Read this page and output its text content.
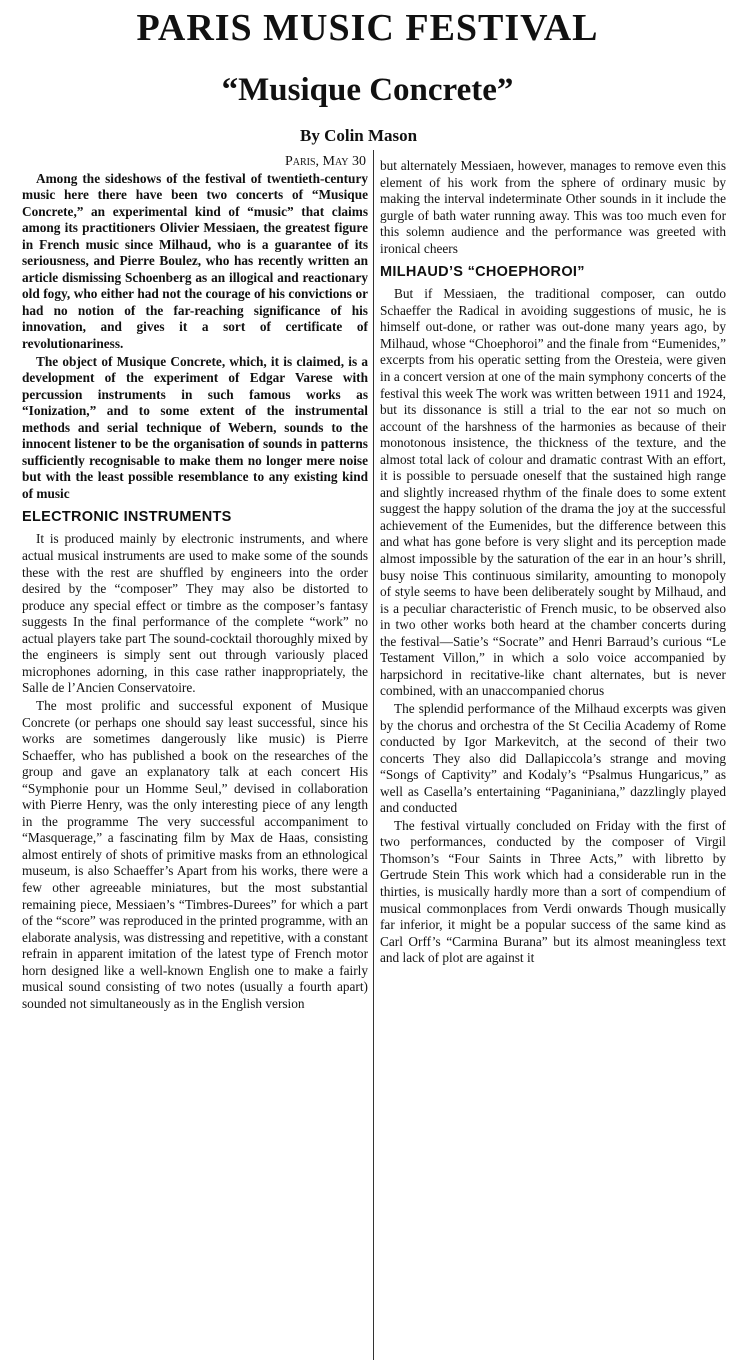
PARIS MUSIC FESTIVAL
“Musique Concrete”
By Colin Mason
Paris, May 30

Among the sideshows of the festival of twentieth-century music here there have been two concerts of “Musique Concrete,” an experimental kind of “music” that claims among its practitioners Olivier Messiaen, the greatest figure in French music since Milhaud, who is a guarantee of its seriousness, and Pierre Boulez, who has recently written an article dismissing Schoenberg as an illogical and reactionary old fogy, who either had not the courage of his convictions or had no notion of the far-reaching significance of his innovation, and gives it a sort of certificate of revolutionariness.

The object of Musique Concrete, which, it is claimed, is a development of the experiment of Edgar Varese with percussion instruments in such famous works as “Ionization,” and to some extent of the instrumental methods and serial technique of Webern, sounds to the innocent listener to be the organisation of sounds in patterns sufficiently recognisable to make them no longer mere noise but with the least possible resemblance to any existing kind of music

ELECTRONIC INSTRUMENTS

It is produced mainly by electronic instruments, and where actual musical instruments are used to make some of the sounds these with the rest are shuffled by engineers into the order desired by the “composer” They may also be distorted to produce any special effect or timbre as the composer’s fantasy suggests In the final performance of the complete “work” no actual players take part The sound-cocktail thoroughly mixed by the engineers is simply sent out through variously placed microphones adorning, in this case rather inappropriately, the Salle de l’Ancien Conservatoire.

The most prolific and successful exponent of Musique Concrete (or perhaps one should say least successful, since his works are sometimes dangerously like music) is Pierre Schaeffer, who has published a book on the researches of the group and gave an explanatory talk at each concert His “Symphonie pour un Homme Seul,” devised in collaboration with Pierre Henry, was the only interesting piece of any length in the programme The very successful accompaniment to “Masquerage,” a fascinating film by Max de Haas, consisting almost entirely of shots of primitive masks from an ethnological museum, is also Schaeffer’s Apart from his works, there were a few other agreeable miniatures, but the most substantial remaining piece, Messiaen’s “Timbres-Durees” for which a part of the “score” was reproduced in the printed programme, with an elaborate analysis, was distressing and repetitive, with a constant refrain in apparent imitation of the latest type of French motor horn designed like a well-known English one to make a fairly musical sound consisting of two notes (usually a fourth apart) sounded not simultaneously as in the English version

but alternately Messiaen, however, manages to remove even this element of his work from the sphere of ordinary music by making the interval indeterminate Other sounds in it include the gurgle of bath water running away. This was too much even for this solemn audience and the performance was greeted with ironical cheers

MILHAUD’S “CHOEPHOROI”

But if Messiaen, the traditional composer, can outdo Schaeffer the Radical in avoiding suggestions of music, he is himself out-done, or rather was out-done many years ago, by Milhaud, whose “Choephoroi” and the finale from “Eumenides,” excerpts from his operatic setting from the Oresteia, were given in a concert version at one of the main symphony concerts of the festival this week The work was written between 1911 and 1924, but its dissonance is still a trial to the ear not so much on account of the harshness of the harmonies as because of their monotonous insistence, the thickness of the texture, and the almost total lack of colour and dramatic contrast With an effort, it is possible to persuade oneself that the sustained high range and slightly increased rhythm of the finale does to some extent suggest the happy solution of the drama the joy at the successful achievement of the Eumenides, but the difference between this and what has gone before is very slight and its perception made almost impossible by the saturation of the ear in an hour’s shrill, busy noise This continuous similarity, amounting to monopoly of style seems to have been deliberately sought by Milhaud, and is a peculiar characteristic of French music, to be observed also in two other works both heard at the chamber concerts during the festival—Satie’s “Socrate” and Henri Barraud’s curious “Le Testament Villon,” in which a solo voice accompanied by harpsichord in recitative-like chant alternates, but is never combined, with an unaccompanied chorus

The splendid performance of the Milhaud excerpts was given by the chorus and orchestra of the St Cecilia Academy of Rome conducted by Igor Markevitch, at the second of their two concerts They also did Dallapiccola’s strange and moving “Songs of Captivity” and Kodaly’s “Psalmus Hungaricus,” as well as Casella’s entertaining “Paganiniana,” dazzlingly played and conducted

The festival virtually concluded on Friday with the first of two performances, conducted by the composer of Virgil Thomson’s “Four Saints in Three Acts,” with libretto by Gertrude Stein This work which had a considerable run in the thirties, is musically hardly more than a sort of compendium of musical commonplaces from Verdi onwards Though musically far inferior, it might be a popular success of the same kind as Carl Orff’s “Carmina Burana” but its almost meaningless text and lack of plot are against it
